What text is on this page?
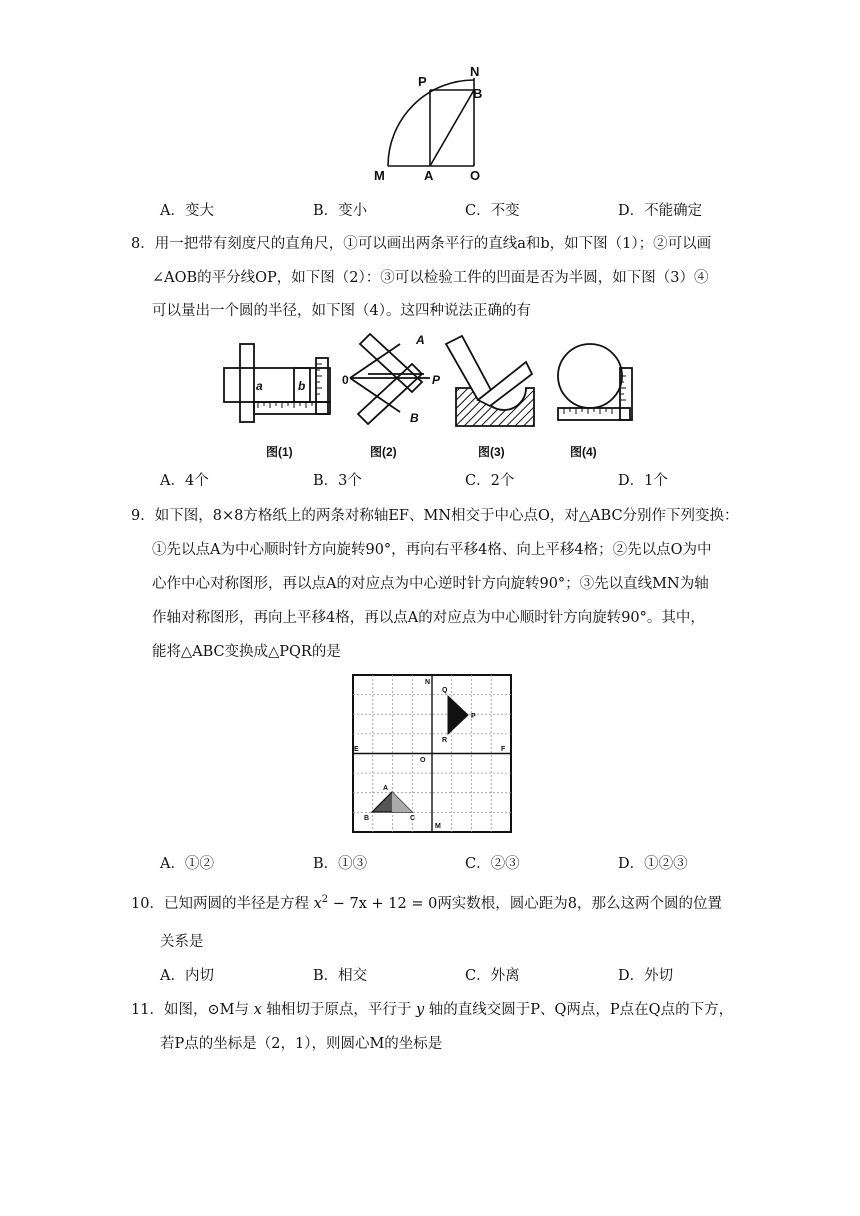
P
N
B
M	A	O
A．变大	B．变小	C．不变	D．不能确定
8．用一把带有刻度尺的直角尺，①可以画出两条平行的直线a和b，如下图（1）；②可以画
∠AOB的平分线OP，如下图（2）：③可以检验工件的凹面是否为半圆，如下图（3）④
可以量出一个圆的半径，如下图（4）。这四种说法正确的有
a	b	0
A
P
B
图(1)	图(2)	图(3)	图(4)
A．4个	B．3个	C．2个	D．1个
9．如下图，8×8方格纸上的两条对称轴EF、MN相交于中心点O，对△ABC分别作下列变换：
①先以点A为中心顺时针方向旋转90°，再向右平移4格、向上平移4格；②先以点O为中
心作中心对称图形，再以点A的对应点为中心逆时针方向旋转90°；③先以直线MN为轴
作轴对称图形，再向上平移4格，再以点A的对应点为中心顺时针方向旋转90°。其中，
能将△ABC变换成△PQR的是
N
Q
P
R
E
O
F
A
B	C
M
A．①②	B．①③	C．②③	D．①②③
10．已知两圆的半径是方程 $x^2 - 7x + 12 = 0$两实数根，圆心距为8，那么这两个圆的位置
关系是
A．内切	B．相交	C．外离	D．外切
11．如图，⊙M与 x 轴相切于原点，平行于 y 轴的直线交圆于P、Q两点，P点在Q点的下方，
若P点的坐标是（2，1），则圆心M的坐标是
